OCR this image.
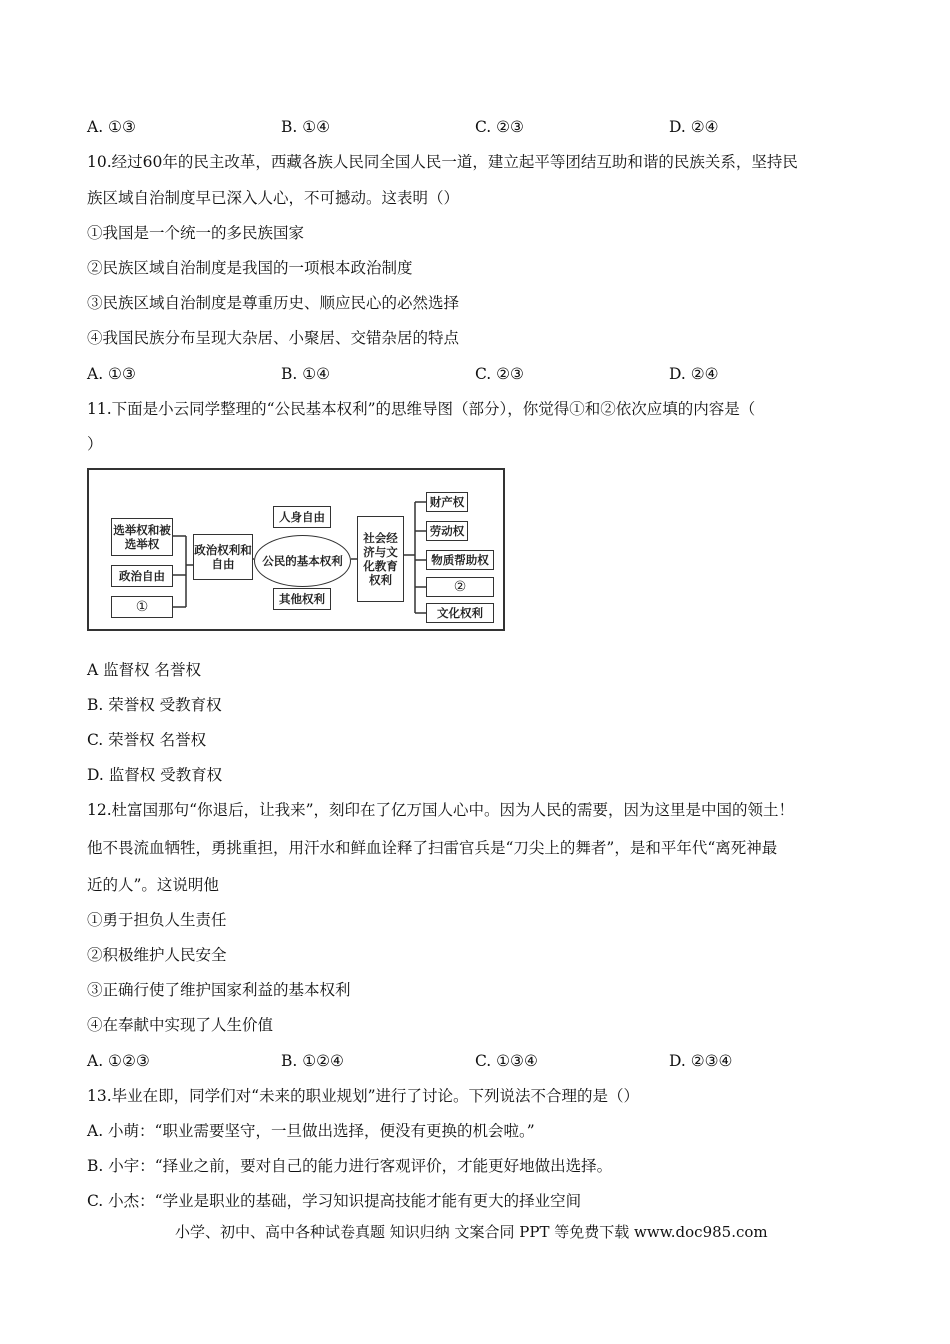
A. ①③	B. ①④	C. ②③	D. ②④
10.经过60年的民主改革，西藏各族人民同全国人民一道，建立起平等团结互助和谐的民族关系，坚持民
族区域自治制度早已深入人心，不可撼动。这表明（）
①我国是一个统一的多民族国家
②民族区域自治制度是我国的一项根本政治制度
③民族区域自治制度是尊重历史、顺应民心的必然选择
④我国民族分布呈现大杂居、小聚居、交错杂居的特点
A. ①③	B. ①④	C. ②③	D. ②④
11.下面是小云同学整理的“公民基本权利”的思维导图（部分），你觉得①和②依次应填的内容是（
）
选举权和被选举权
政治自由
①
政治权利和自由
人身自由
公民的基本权利
其他权利
社会经济与文化教育权利
财产权
劳动权
物质帮助权
②
文化权利
A 监督权 名誉权
B. 荣誉权 受教育权
C. 荣誉权 名誉权
D. 监督权 受教育权
12.杜富国那句“你退后，让我来”，刻印在了亿万国人心中。因为人民的需要，因为这里是中国的领土！
他不畏流血牺牲，勇挑重担，用汗水和鲜血诠释了扫雷官兵是“刀尖上的舞者”，是和平年代“离死神最
近的人”。这说明他
①勇于担负人生责任
②积极维护人民安全
③正确行使了维护国家利益的基本权利
④在奉献中实现了人生价值
A. ①②③	B. ①②④	C. ①③④	D. ②③④
13.毕业在即，同学们对“未来的职业规划”进行了讨论。下列说法不合理的是（）
A. 小萌：“职业需要坚守，一旦做出选择，便没有更换的机会啦。”
B. 小宇：“择业之前，要对自己的能力进行客观评价，才能更好地做出选择。
C. 小杰：“学业是职业的基础，学习知识提高技能才能有更大的择业空间
小学、初中、高中各种试卷真题 知识归纳 文案合同 PPT 等免费下载 www.doc985.com
